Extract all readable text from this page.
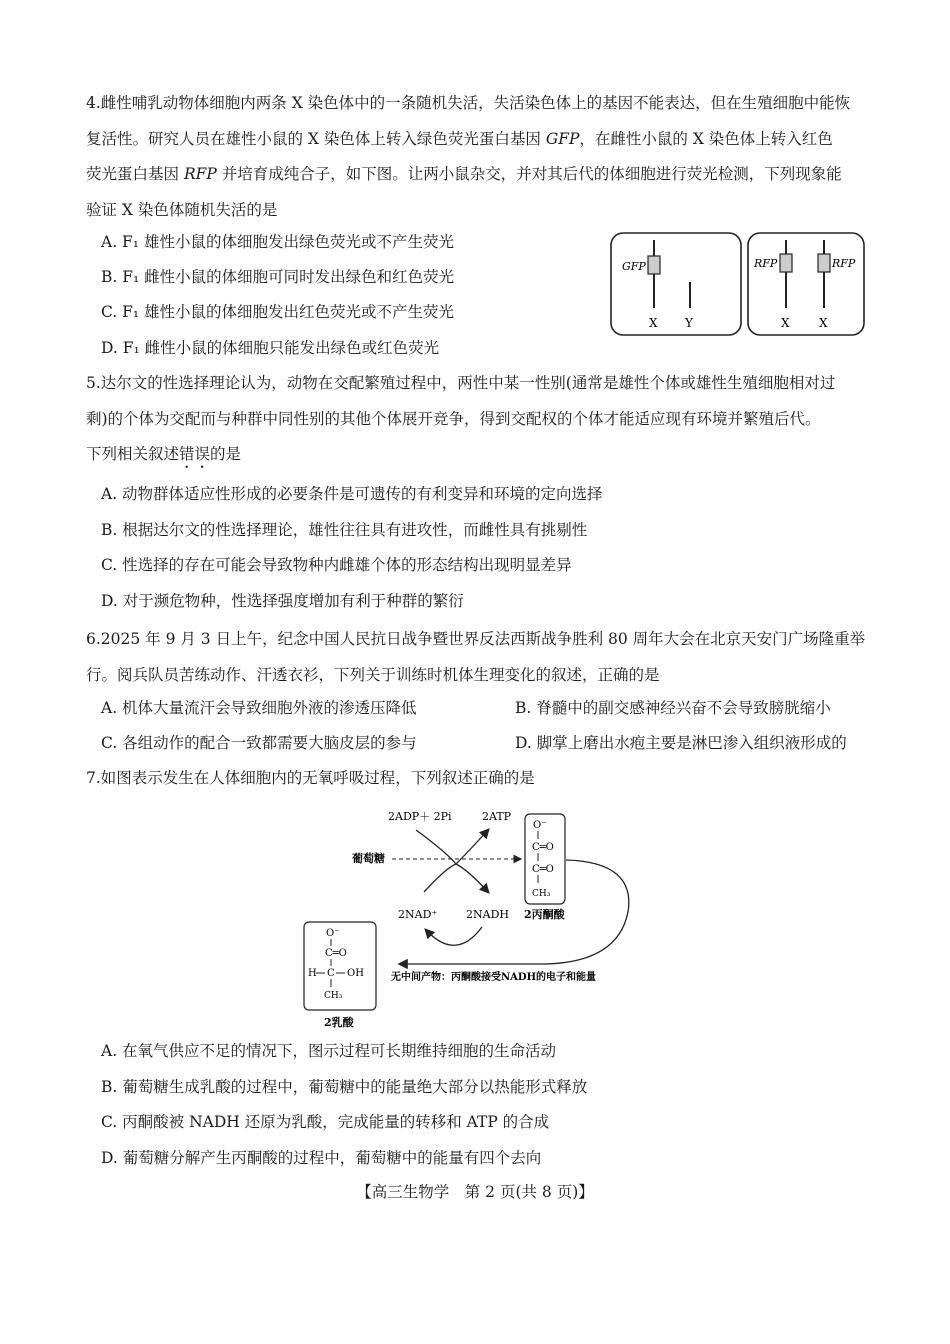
4.雌性哺乳动物体细胞内两条 X 染色体中的一条随机失活，失活染色体上的基因不能表达，但在生殖细胞中能恢
复活性。研究人员在雄性小鼠的 X 染色体上转入绿色荧光蛋白基因 GFP，在雌性小鼠的 X 染色体上转入红色
荧光蛋白基因 RFP 并培育成纯合子，如下图。让两小鼠杂交，并对其后代的体细胞进行荧光检测，下列现象能
验证 X 染色体随机失活的是
A. F₁ 雄性小鼠的体细胞发出绿色荧光或不产生荧光
B. F₁ 雌性小鼠的体细胞可同时发出绿色和红色荧光
C. F₁ 雄性小鼠的体细胞发出红色荧光或不产生荧光
D. F₁ 雌性小鼠的体细胞只能发出绿色或红色荧光
GFP
X Y
RFP	RFP
X X
5.达尔文的性选择理论认为，动物在交配繁殖过程中，两性中某一性别(通常是雄性个体或雄性生殖细胞相对过
剩)的个体为交配而与种群中同性别的其他个体展开竞争，得到交配权的个体才能适应现有环境并繁殖后代。
下列相关叙述错误的是
A. 动物群体适应性形成的必要条件是可遗传的有利变异和环境的定向选择
B. 根据达尔文的性选择理论，雄性往往具有进攻性，而雌性具有挑剔性
C. 性选择的存在可能会导致物种内雌雄个体的形态结构出现明显差异
D. 对于濒危物种，性选择强度增加有利于种群的繁衍
6.2025 年 9 月 3 日上午，纪念中国人民抗日战争暨世界反法西斯战争胜利 80 周年大会在北京天安门广场隆重举
行。阅兵队员苦练动作、汗透衣衫，下列关于训练时机体生理变化的叙述，正确的是
A. 机体大量流汗会导致细胞外液的渗透压降低	B. 脊髓中的副交感神经兴奋不会导致膀胱缩小
C. 各组动作的配合一致都需要大脑皮层的参与	D. 脚掌上磨出水疱主要是淋巴渗入组织液形成的
7.如图表示发生在人体细胞内的无氧呼吸过程，下列叙述正确的是
2ADP＋ 2Pi	2ATP
葡萄糖
2NAD⁺	2NADH
O⁻
C═O
C═O
CH₃
2丙酮酸
无中间产物：丙酮酸接受NADH的电子和能量
O⁻
C═O
H C OH
CH₃
2乳酸
A. 在氧气供应不足的情况下，图示过程可长期维持细胞的生命活动
B. 葡萄糖生成乳酸的过程中，葡萄糖中的能量绝大部分以热能形式释放
C. 丙酮酸被 NADH 还原为乳酸，完成能量的转移和 ATP 的合成
D. 葡萄糖分解产生丙酮酸的过程中，葡萄糖中的能量有四个去向
【高三生物学　第 2 页(共 8 页)】
